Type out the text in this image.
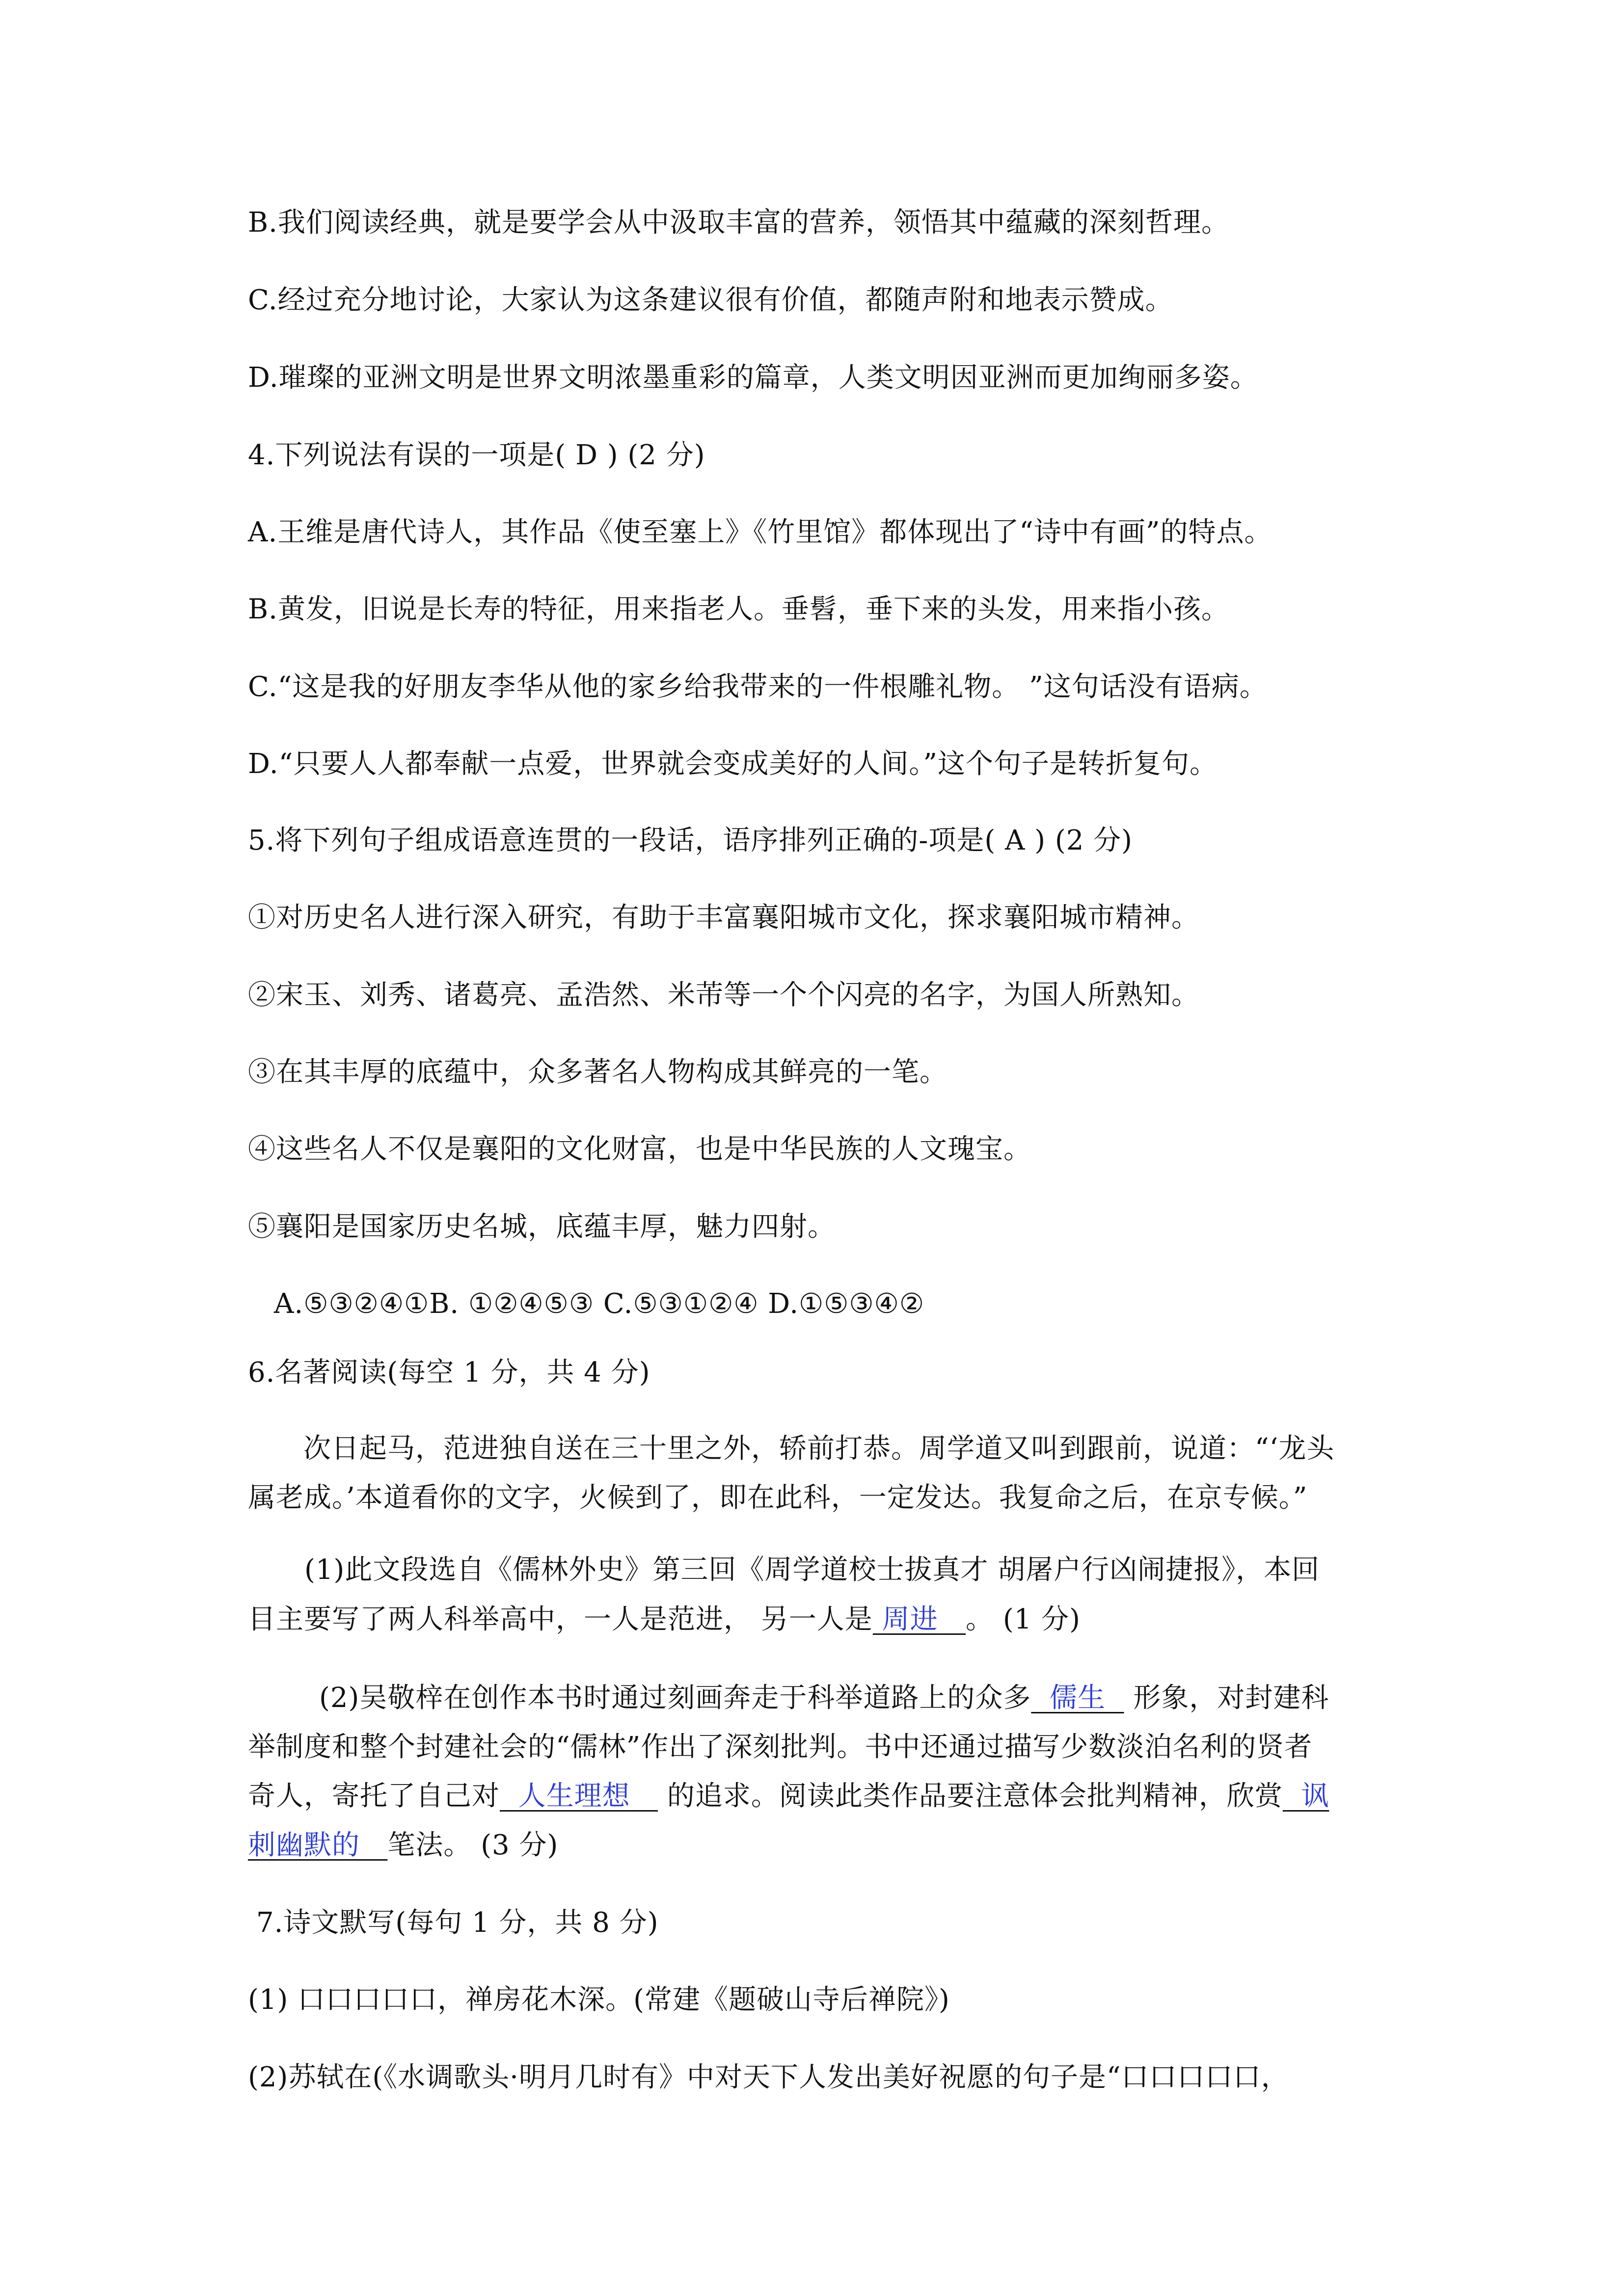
B.我们阅读经典，就是要学会从中汲取丰富的营养，领悟其中蕴藏的深刻哲理。
C.经过充分地讨论，大家认为这条建议很有价值，都随声附和地表示赞成。
D.璀璨的亚洲文明是世界文明浓墨重彩的篇章，人类文明因亚洲而更加绚丽多姿。
4.下列说法有误的一项是( D ) (2 分)
A.王维是唐代诗人，其作品《使至塞上》《竹里馆》都体现出了“诗中有画”的特点。
B.黄发，旧说是长寿的特征，用来指老人。垂髫，垂下来的头发，用来指小孩。
C.“这是我的好朋友李华从他的家乡给我带来的一件根雕礼物。 ”这句话没有语病。
D.“只要人人都奉献一点爱，世界就会变成美好的人间。”这个句子是转折复句。
5.将下列句子组成语意连贯的一段话，语序排列正确的-项是( A ) (2 分)
①对历史名人进行深入研究，有助于丰富襄阳城市文化，探求襄阳城市精神。
②宋玉、刘秀、诸葛亮、孟浩然、米芾等一个个闪亮的名字，为国人所熟知。
③在其丰厚的底蕴中，众多著名人物构成其鲜亮的一笔。
④这些名人不仅是襄阳的文化财富，也是中华民族的人文瑰宝。
⑤襄阳是国家历史名城，底蕴丰厚，魅力四射。
A.⑤③②④①B. ①②④⑤③ C.⑤③①②④ D.①⑤③④②
6.名著阅读(每空 1 分，共 4 分)
次日起马，范进独自送在三十里之外，轿前打恭。周学道又叫到跟前，说道：“‘龙头
属老成。’本道看你的文字，火候到了，即在此科，一定发达。我复命之后，在京专候。”
(1)此文段选自《儒林外史》第三回《周学道校士拔真才 胡屠户行凶闹捷报》，本回
目主要写了两人科举高中，一人是范进， 另一人是 周进 。 (1 分)
(2)吴敬梓在创作本书时通过刻画奔走于科举道路上的众多 儒生 形象，对封建科
举制度和整个封建社会的“儒林”作出了深刻批判。书中还通过描写少数淡泊名利的贤者
奇人，寄托了自己对 人生理想    的追求。阅读此类作品要注意体会批判精神，欣赏 讽
刺幽默的 笔法。 (3 分)
7.诗文默写(每句 1 分，共 8 分)
(1) 口口口口口，禅房花木深。(常建《题破山寺后禅院》)
(2)苏轼在(《水调歌头·明月几时有》中对天下人发出美好祝愿的句子是“口口口口口，
